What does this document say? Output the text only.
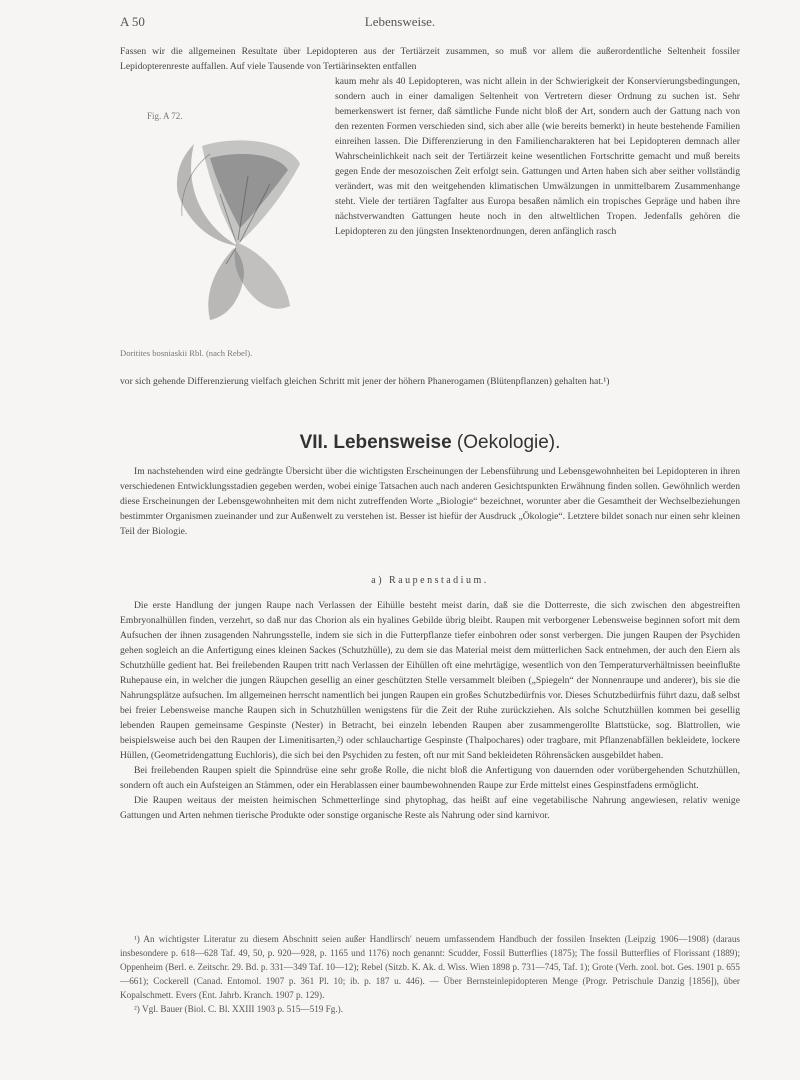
A 50	Lebensweise.

Fassen wir die allgemeinen Resultate über Lepidopteren aus der Tertiärzeit zusammen, so muß vor allem die außerordentliche Seltenheit fossiler Lepidopterenreste auffallen. Auf viele Tausende von Tertiärinsekten entfallen

Fig. A 72.
Doritites bosniaskii Rbl. (nach Rebel).

kaum mehr als 40 Lepidopteren, was nicht allein in der Schwierigkeit der Konservierungsbedingungen, sondern auch in einer damaligen Seltenheit von Vertretern dieser Ordnung zu suchen ist. Sehr bemerkenswert ist ferner, daß sämtliche Funde nicht bloß der Art, sondern auch der Gattung nach von den rezenten Formen verschieden sind, sich aber alle (wie bereits bemerkt) in heute bestehende Familien einreihen lassen. Die Differenzierung in den Familiencharakteren hat bei Lepidopteren demnach aller Wahrscheinlichkeit nach seit der Tertiärzeit keine wesentlichen Fortschritte gemacht und muß bereits gegen Ende der mesozoischen Zeit erfolgt sein. Gattungen und Arten haben sich aber seither vollständig verändert, was mit den weitgehenden klimatischen Umwälzungen in unmittelbarem Zusammenhange steht. Viele der tertiären Tagfalter aus Europa besaßen nämlich ein tropisches Gepräge und haben ihre nächstverwandten Gattungen heute noch in den altweltlichen Tropen. Jedenfalls gehören die Lepidopteren zu den jüngsten Insektenordnungen, deren anfänglich rasch

vor sich gehende Differenzierung vielfach gleichen Schritt mit jener der höhern Phanerogamen (Blütenpflanzen) gehalten hat.¹)

VII. Lebensweise (Oekologie).

Im nachstehenden wird eine gedrängte Übersicht über die wichtigsten Erscheinungen der Lebensführung und Lebensgewohnheiten bei Lepidopteren in ihren verschiedenen Entwicklungsstadien gegeben werden, wobei einige Tatsachen auch nach anderen Gesichtspunkten Erwähnung finden sollen. Gewöhnlich werden diese Erscheinungen der Lebensgewohnheiten mit dem nicht zutreffenden Worte „Biologie“ bezeichnet, worunter aber die Gesamtheit der Wechselbeziehungen bestimmter Organismen zueinander und zur Außenwelt zu verstehen ist. Besser ist hiefür der Ausdruck „Ökologie“. Letztere bildet sonach nur einen sehr kleinen Teil der Biologie.

a) Raupenstadium.

Die erste Handlung der jungen Raupe nach Verlassen der Eihülle besteht meist darin, daß sie die Dotterreste, die sich zwischen den abgestreiften Embryonalhüllen finden, verzehrt, so daß nur das Chorion als ein hyalines Gebilde übrig bleibt. Raupen mit verborgener Lebensweise beginnen sofort mit dem Aufsuchen der ihnen zusagenden Nahrungsstelle, indem sie sich in die Futterpflanze tiefer einbohren oder sonst verbergen. Die jungen Raupen der Psychiden gehen sogleich an die Anfertigung eines kleinen Sackes (Schutzhülle), zu dem sie das Material meist dem mütterlichen Sack entnehmen, der auch den Eiern als Schutzhülle gedient hat. Bei freilebenden Raupen tritt nach Verlassen der Eihüllen oft eine mehrtägige, wesentlich von den Temperaturverhältnissen beeinflußte Ruhepause ein, in welcher die jungen Räupchen gesellig an einer geschützten Stelle versammelt bleiben („Spiegeln“ der Nonnenraupe und anderer), bis sie die Nahrungsplätze aufsuchen. Im allgemeinen herrscht namentlich bei jungen Raupen ein großes Schutzbedürfnis vor. Dieses Schutzbedürfnis führt dazu, daß selbst bei freier Lebensweise manche Raupen sich in Schutzhüllen wenigstens für die Zeit der Ruhe zurückziehen. Als solche Schutzhüllen kommen bei gesellig lebenden Raupen gemeinsame Gespinste (Nester) in Betracht, bei einzeln lebenden Raupen aber zusammengerollte Blattstücke, sog. Blattrollen, wie beispielsweise auch bei den Raupen der Limenitisarten,²) oder schlauchartige Gespinste (Thalpochares) oder tragbare, mit Pflanzenabfällen bekleidete, lockere Hüllen, (Geometridengattung Euchloris), die sich bei den Psychiden zu festen, oft nur mit Sand bekleideten Röhrensäcken ausgebildet haben.

Bei freilebenden Raupen spielt die Spinndrüse eine sehr große Rolle, die nicht bloß die Anfertigung von dauernden oder vorübergehenden Schutzhüllen, sondern oft auch ein Aufsteigen an Stämmen, oder ein Herablassen einer baumbewohnenden Raupe zur Erde mittelst eines Gespinstfadens ermöglicht.

Die Raupen weitaus der meisten heimischen Schmetterlinge sind phytophag, das heißt auf eine vegetabilische Nahrung angewiesen, relativ wenige Gattungen und Arten nehmen tierische Produkte oder sonstige organische Reste als Nahrung oder sind karnivor.

¹) An wichtigster Literatur zu diesem Abschnitt seien außer Handlirsch' neuem umfassendem Handbuch der fossilen Insekten (Leipzig 1906—1908) (daraus insbesondere p. 618—628 Taf. 49, 50, p. 920—928, p. 1165 und 1176) noch genannt: Scudder, Fossil Butterflies (1875); The fossil Butterflies of Florissant (1889); Oppenheim (Berl. e. Zeitschr. 29. Bd. p. 331—349 Taf. 10—12); Rebel (Sitzb. K. Ak. d. Wiss. Wien 1898 p. 731—745, Taf. 1); Grote (Verh. zool. bot. Ges. 1901 p. 655—661); Cockerell (Canad. Entomol. 1907 p. 361 Pl. 10; ib. p. 187 u. 446). — Über Bernsteinlepidopteren Menge (Progr. Petrischule Danzig [1856]), über Kopalschmett. Evers (Ent. Jahrb. Kranch. 1907 p. 129).

²) Vgl. Bauer (Biol. C. Bl. XXIII 1903 p. 515—519 Fg.).
